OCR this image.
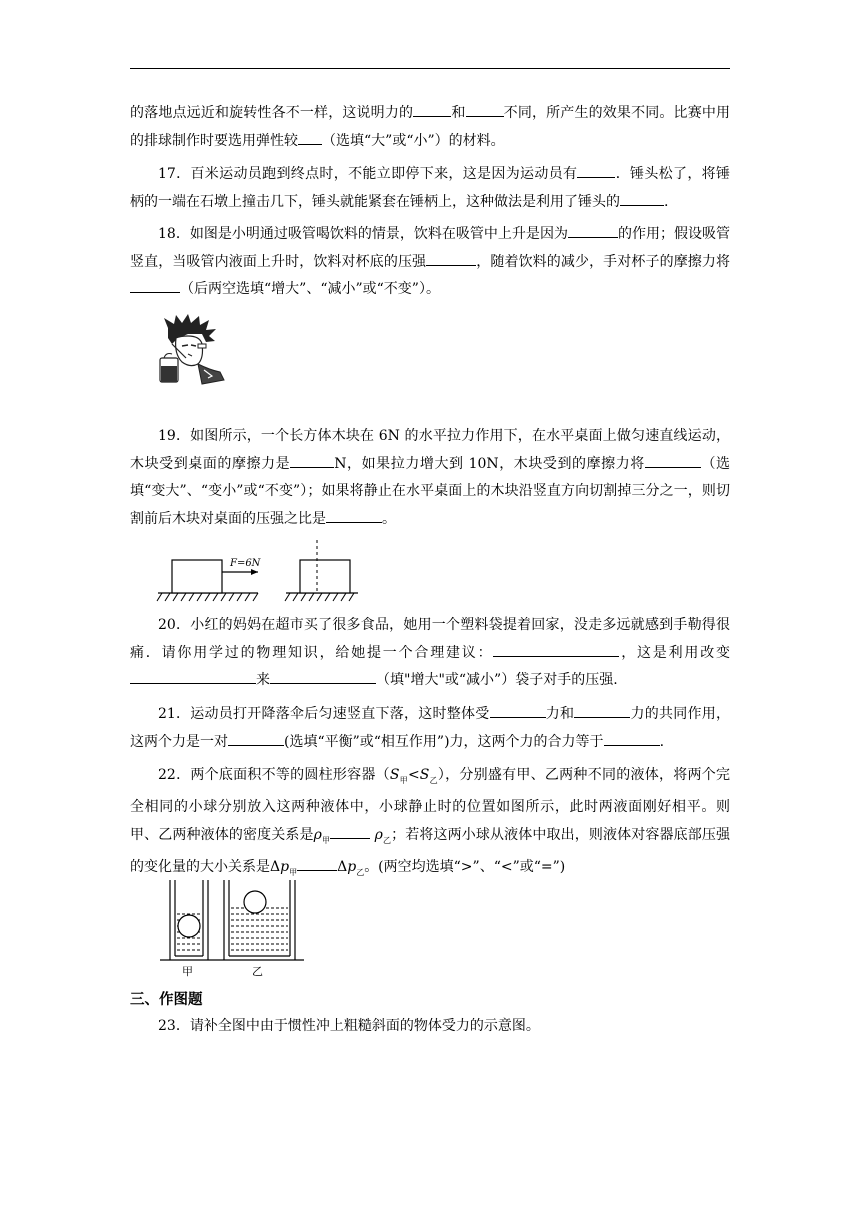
的落地点远近和旋转性各不一样，这说明力的	和	不同，所产生的效果不同。比赛中用的排球制作时要选用弹性较 （选填“大”或“小”）的材料。

17．百米运动员跑到终点时，不能立即停下来，这是因为运动员有	．锤头松了，将锤柄的一端在石墩上撞击几下，锤头就能紧套在锤柄上，这种做法是利用了锤头的	.

18．如图是小明通过吸管喝饮料的情景，饮料在吸管中上升是因为	的作用；假设吸管竖直，当吸管内液面上升时，饮料对杯底的压强	，随着饮料的减少，手对杯子的摩擦力将（后两空选填“增大”、“减小”或“不变”）。

19．如图所示，一个长方体木块在 6N 的水平拉力作用下，在水平桌面上做匀速直线运动，木块受到桌面的摩擦力是	N，如果拉力增大到 10N，木块受到的摩擦力将	（选填“变大”、“变小”或“不变”）；如果将静止在水平桌面上的木块沿竖直方向切割掉三分之一，则切割前后木块对桌面的压强之比是	。

F=6N

20．小红的妈妈在超市买了很多食品，她用一个塑料袋提着回家，没走多远就感到手勒得很痛．请你用学过的物理知识，给她提一个合理建议：	，这是利用改变来	（填"增大"或“减小”）袋子对手的压强.

21．运动员打开降落伞后匀速竖直下落，这时整体受	力和	力的共同作用，这两个力是一对	(选填“平衡”或“相互作用”)力，这两个力的合力等于	.

22．两个底面积不等的圆柱形容器$(S_甲<S_乙)$，分别盛有甲、乙两种不同的液体，将两个完全相同的小球分别放入这两种液体中，小球静止时的位置如图所示，此时两液面刚好相平。则甲、乙两种液体的密度关系是$\rho_甲$	$\rho_乙$；若将这两小球从液体中取出，则液体对容器底部压强的变化量的大小关系是$\Delta p_甲$	$\Delta p_乙$。(两空均选填“>”、“<”或“=”)

甲	乙

三、作图题

23．请补全图中由于惯性冲上粗糙斜面的物体受力的示意图。
